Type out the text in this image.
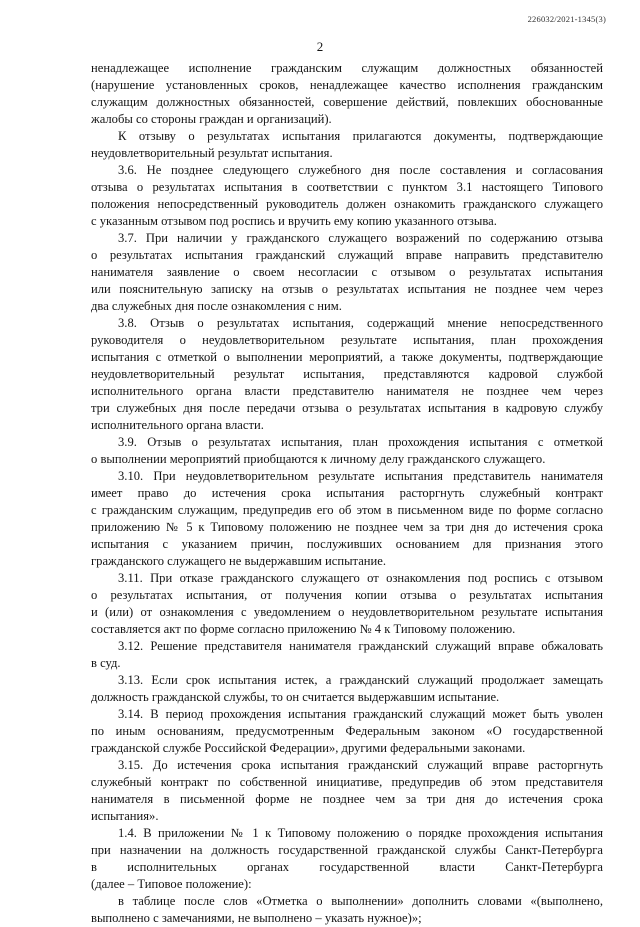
226032/2021-1345(3)
2
ненадлежащее исполнение гражданским служащим должностных обязанностей
(нарушение установленных сроков, ненадлежащее качество исполнения гражданским
служащим должностных обязанностей, совершение действий, повлекших обоснованные
жалобы со стороны граждан и организаций).
К отзыву о результатах испытания прилагаются документы, подтверждающие
неудовлетворительный результат испытания.
3.6. Не позднее следующего служебного дня после составления и согласования
отзыва о результатах испытания в соответствии с пунктом 3.1 настоящего Типового
положения непосредственный руководитель должен ознакомить гражданского служащего
с указанным отзывом под роспись и вручить ему копию указанного отзыва.
3.7. При наличии у гражданского служащего возражений по содержанию отзыва
о результатах испытания гражданский служащий вправе направить представителю
нанимателя заявление о своем несогласии с отзывом о результатах испытания
или пояснительную записку на отзыв о результатах испытания не позднее чем через
два служебных дня после ознакомления с ним.
3.8. Отзыв о результатах испытания, содержащий мнение непосредственного
руководителя о неудовлетворительном результате испытания, план прохождения
испытания с отметкой о выполнении мероприятий, а также документы, подтверждающие
неудовлетворительный результат испытания, представляются кадровой службой
исполнительного органа власти представителю нанимателя не позднее чем через
три служебных дня после передачи отзыва о результатах испытания в кадровую службу
исполнительного органа власти.
3.9. Отзыв о результатах испытания, план прохождения испытания с отметкой
о выполнении мероприятий приобщаются к личному делу гражданского служащего.
3.10. При неудовлетворительном результате испытания представитель нанимателя
имеет право до истечения срока испытания расторгнуть служебный контракт
с гражданским служащим, предупредив его об этом в письменном виде по форме согласно
приложению № 5 к Типовому положению не позднее чем за три дня до истечения срока
испытания с указанием причин, послуживших основанием для признания этого
гражданского служащего не выдержавшим испытание.
3.11. При отказе гражданского служащего от ознакомления под роспись с отзывом
о результатах испытания, от получения копии отзыва о результатах испытания
и (или) от ознакомления с уведомлением о неудовлетворительном результате испытания
составляется акт по форме согласно приложению № 4 к Типовому положению.
3.12. Решение представителя нанимателя гражданский служащий вправе обжаловать
в суд.
3.13. Если срок испытания истек, а гражданский служащий продолжает замещать
должность гражданской службы, то он считается выдержавшим испытание.
3.14. В период прохождения испытания гражданский служащий может быть уволен
по иным основаниям, предусмотренным Федеральным законом «О государственной
гражданской службе Российской Федерации», другими федеральными законами.
3.15. До истечения срока испытания гражданский служащий вправе расторгнуть
служебный контракт по собственной инициативе, предупредив об этом представителя
нанимателя в письменной форме не позднее чем за три дня до истечения срока
испытания».
1.4. В приложении № 1 к Типовому положению о порядке прохождения испытания
при назначении на должность государственной гражданской службы Санкт-Петербурга
в исполнительных органах государственной власти Санкт-Петербурга
(далее – Типовое положение):
в таблице после слов «Отметка о выполнении» дополнить словами «(выполнено,
выполнено с замечаниями, не выполнено – указать нужное)»;
